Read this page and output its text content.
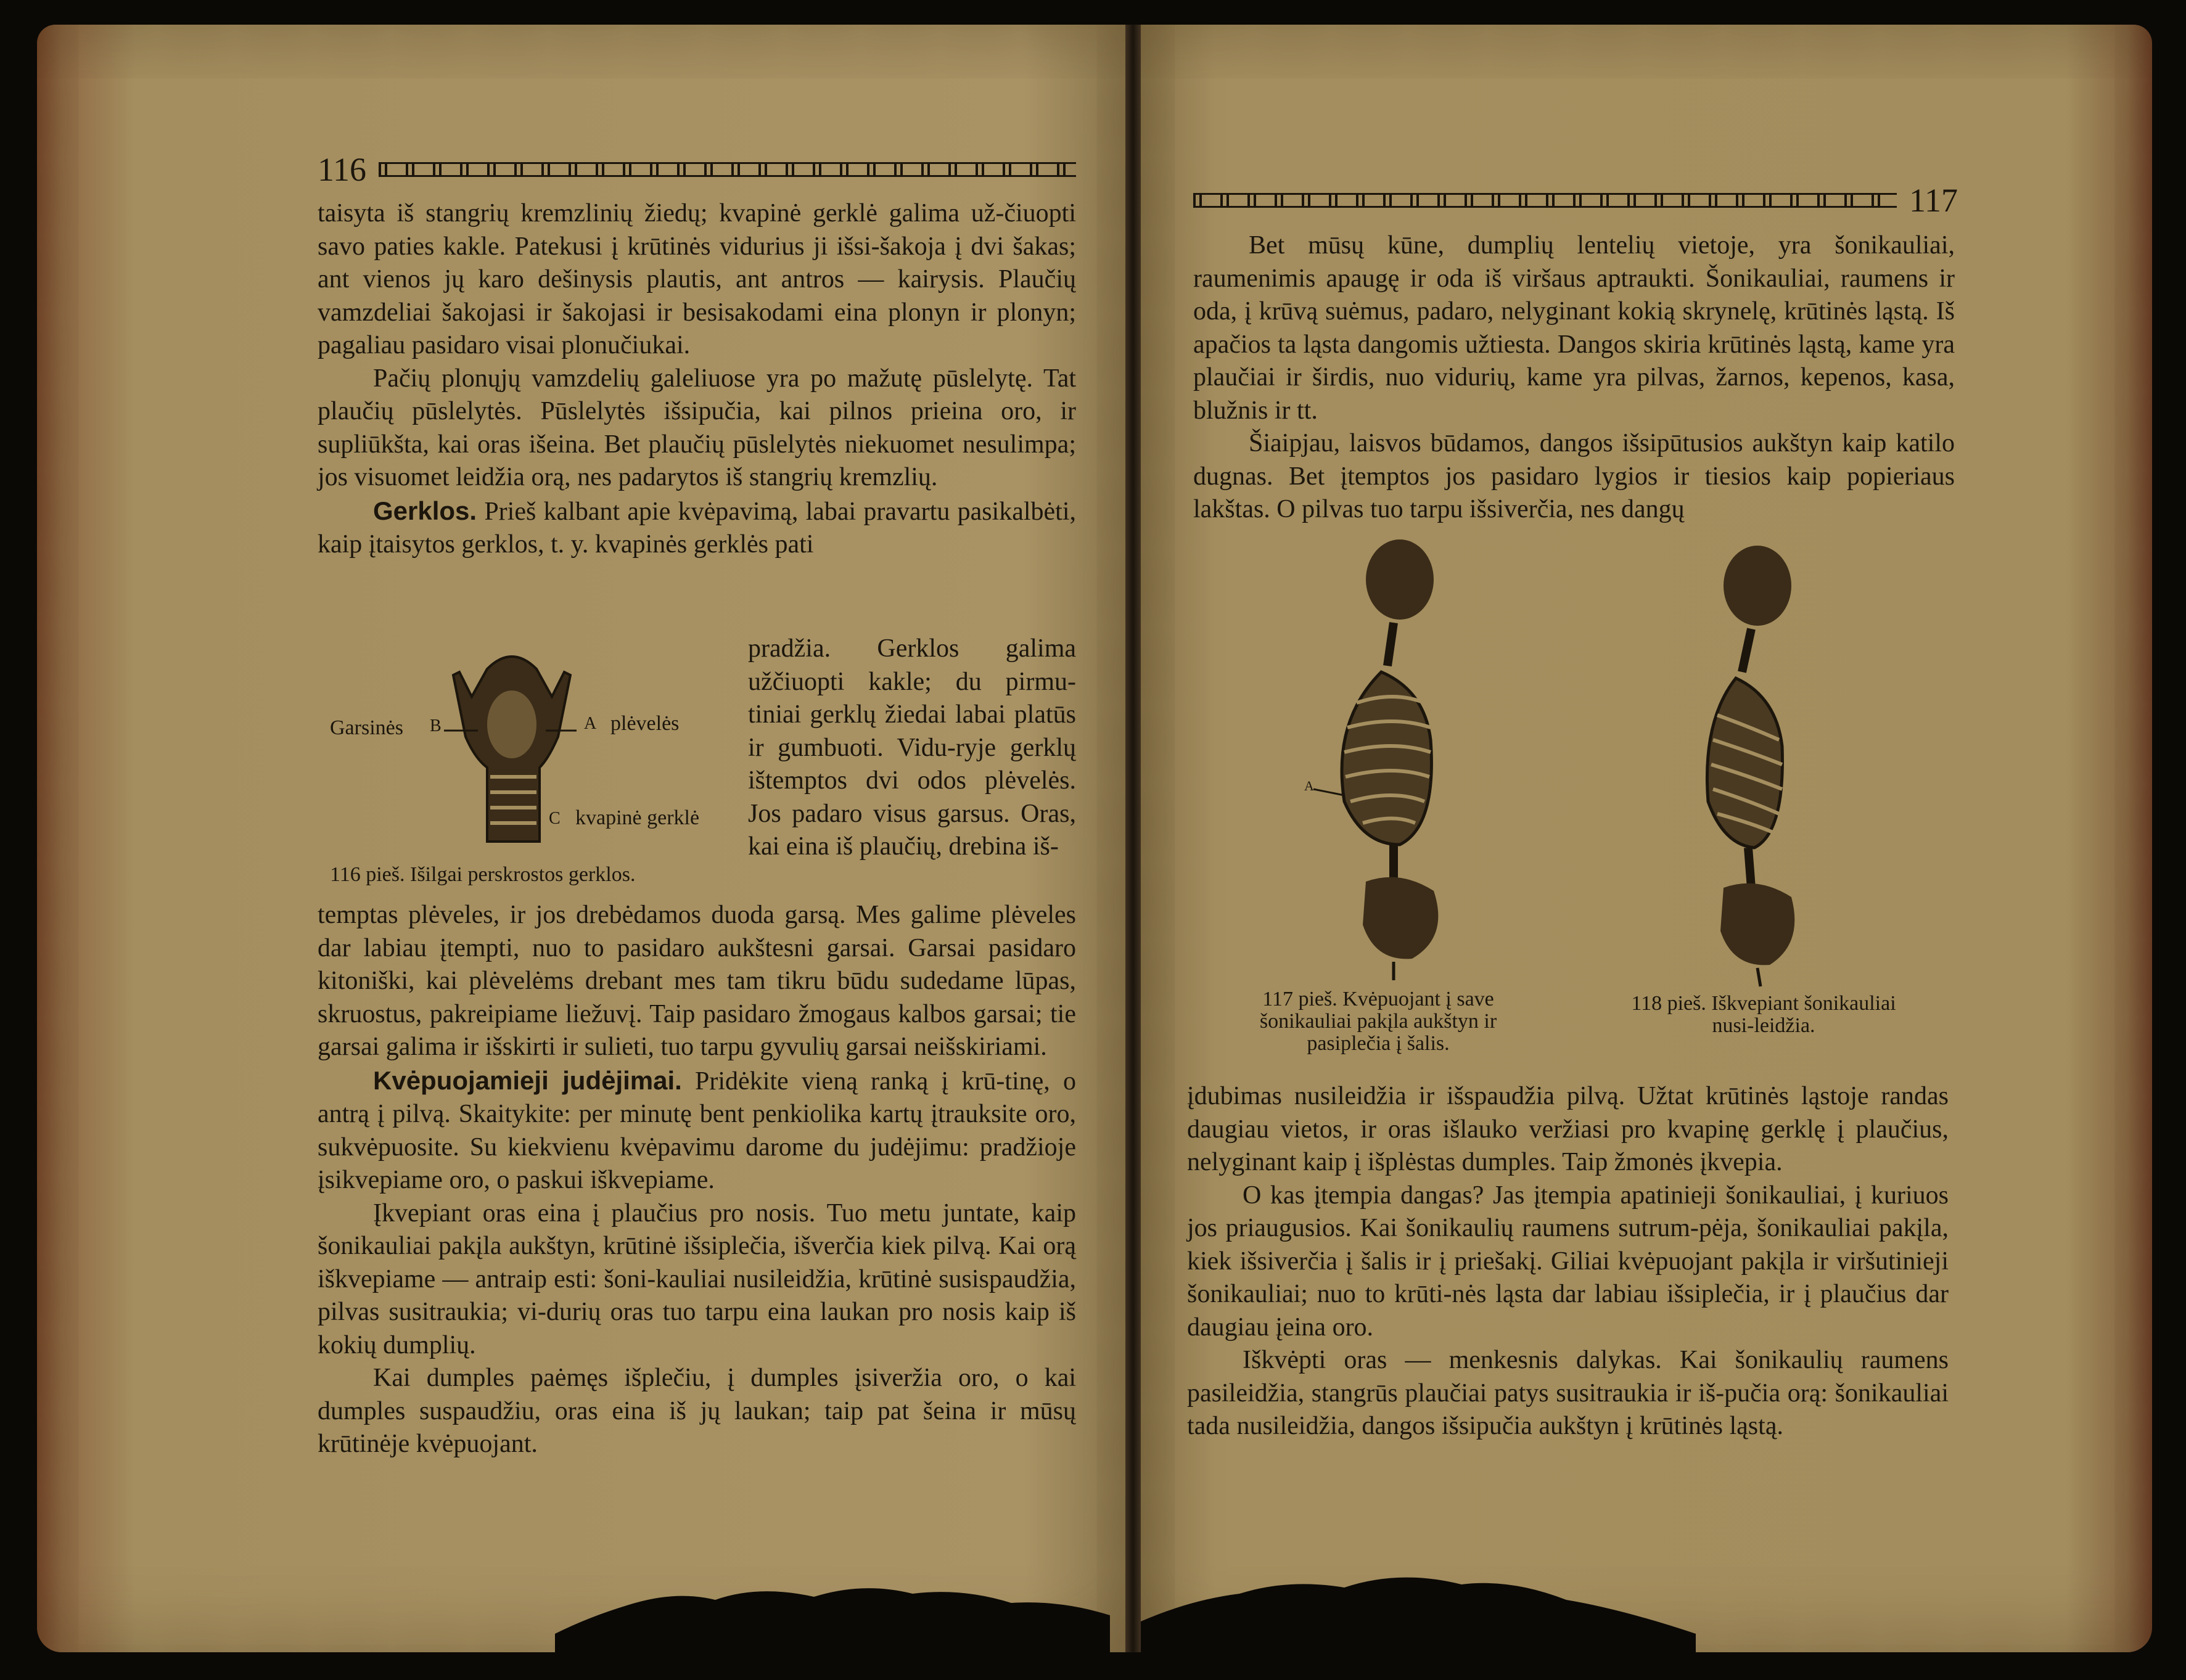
116

taisyta iš stangrių kremzlinių žiedų; kvapinė gerklė galima už-čiuopti savo paties kakle. Patekusi į krūtinės vidurius ji išsi-šakoja į dvi šakas; ant vienos jų karo dešinysis plautis, ant antros — kairysis. Plaučių vamzdeliai šakojasi ir šakojasi ir besisakodami eina plonyn ir plonyn; pagaliau pasidaro visai plonučiukai.

Pačių plonųjų vamzdelių galeliuose yra po mažutę pūslelytę. Tat plaučių pūslelytės. Pūslelytės išsipučia, kai pilnos prieina oro, ir supliūkšta, kai oras išeina. Bet plaučių pūslelytės niekuomet nesulimpa; jos visuomet leidžia orą, nes padarytos iš stangrių kremzlių.

Gerklos. Prieš kalbant apie kvėpavimą, labai pravartu pasikalbėti, kaip įtaisytos gerklos, t. y. kvapinės gerklės pati

Garsinės B	A plėvelės
C kvapinė gerklė
116 pieš. Išilgai perskrostos gerklos.

pradžia. Gerklos galima užčiuopti kakle; du pirmu-tiniai gerklų žiedai labai platūs ir gumbuoti. Vidu-ryje gerklų ištemptos dvi odos plėvelės. Jos padaro visus garsus. Oras, kai eina iš plaučių, drebina iš-

temptas plėveles, ir jos drebėdamos duoda garsą. Mes galime plėveles dar labiau įtempti, nuo to pasidaro aukštesni garsai. Garsai pasidaro kitoniški, kai plėvelėms drebant mes tam tikru būdu sudedame lūpas, skruostus, pakreipiame liežuvį. Taip pasidaro žmogaus kalbos garsai; tie garsai galima ir išskirti ir sulieti, tuo tarpu gyvulių garsai neišskiriami.

Kvėpuojamieji judėjimai. Pridėkite vieną ranką į krū-tinę, o antrą į pilvą. Skaitykite: per minutę bent penkiolika kartų įtrauksite oro, sukvėpuosite. Su kiekvienu kvėpavimu darome du judėjimu: pradžioje įsikvepiame oro, o paskui iškvepiame.

Įkvepiant oras eina į plaučius pro nosis. Tuo metu juntate, kaip šonikauliai pakįla aukštyn, krūtinė išsiplečia, išverčia kiek pilvą. Kai orą iškvepiame — antraip esti: šoni-kauliai nusileidžia, krūtinė susispaudžia, pilvas susitraukia; vi-durių oras tuo tarpu eina laukan pro nosis kaip iš kokių dumplių.

Kai dumples paėmęs išplečiu, į dumples įsiveržia oro, o kai dumples suspaudžiu, oras eina iš jų laukan; taip pat šeina ir mūsų krūtinėje kvėpuojant.

117

Bet mūsų kūne, dumplių lentelių vietoje, yra šonikauliai, raumenimis apaugę ir oda iš viršaus aptraukti. Šonikauliai, raumens ir oda, į krūvą suėmus, padaro, nelyginant kokią skrynelę, krūtinės ląstą. Iš apačios ta ląsta dangomis užtiesta. Dangos skiria krūtinės ląstą, kame yra plaučiai ir širdis, nuo vidurių, kame yra pilvas, žarnos, kepenos, kasa, blužnis ir tt.

Šiaipjau, laisvos būdamos, dangos išsipūtusios aukštyn kaip katilo dugnas. Bet įtemptos jos pasidaro lygios ir tiesios kaip popieriaus lakštas. O pilvas tuo tarpu išsiverčia, nes dangų

A
117 pieš. Kvėpuojant į save šonikauliai pakįla aukštyn ir pasiplečia į šalis.
118 pieš. Iškvepiant šonikauliai nusi-leidžia.

įdubimas nusileidžia ir išspaudžia pilvą. Užtat krūtinės ląstoje randas daugiau vietos, ir oras išlauko veržiasi pro kvapinę gerklę į plaučius, nelyginant kaip į išplėstas dumples. Taip žmonės įkvepia.

O kas įtempia dangas? Jas įtempia apatinieji šonikauliai, į kuriuos jos priaugusios. Kai šonikaulių raumens sutrum-pėja, šonikauliai pakįla, kiek išsiverčia į šalis ir į priešakį. Giliai kvėpuojant pakįla ir viršutinieji šonikauliai; nuo to krūti-nės ląsta dar labiau išsiplečia, ir į plaučius dar daugiau įeina oro.

Iškvėpti oras — menkesnis dalykas. Kai šonikaulių raumens pasileidžia, stangrūs plaučiai patys susitraukia ir iš-pučia orą: šonikauliai tada nusileidžia, dangos išsipučia aukštyn į krūtinės ląstą.
